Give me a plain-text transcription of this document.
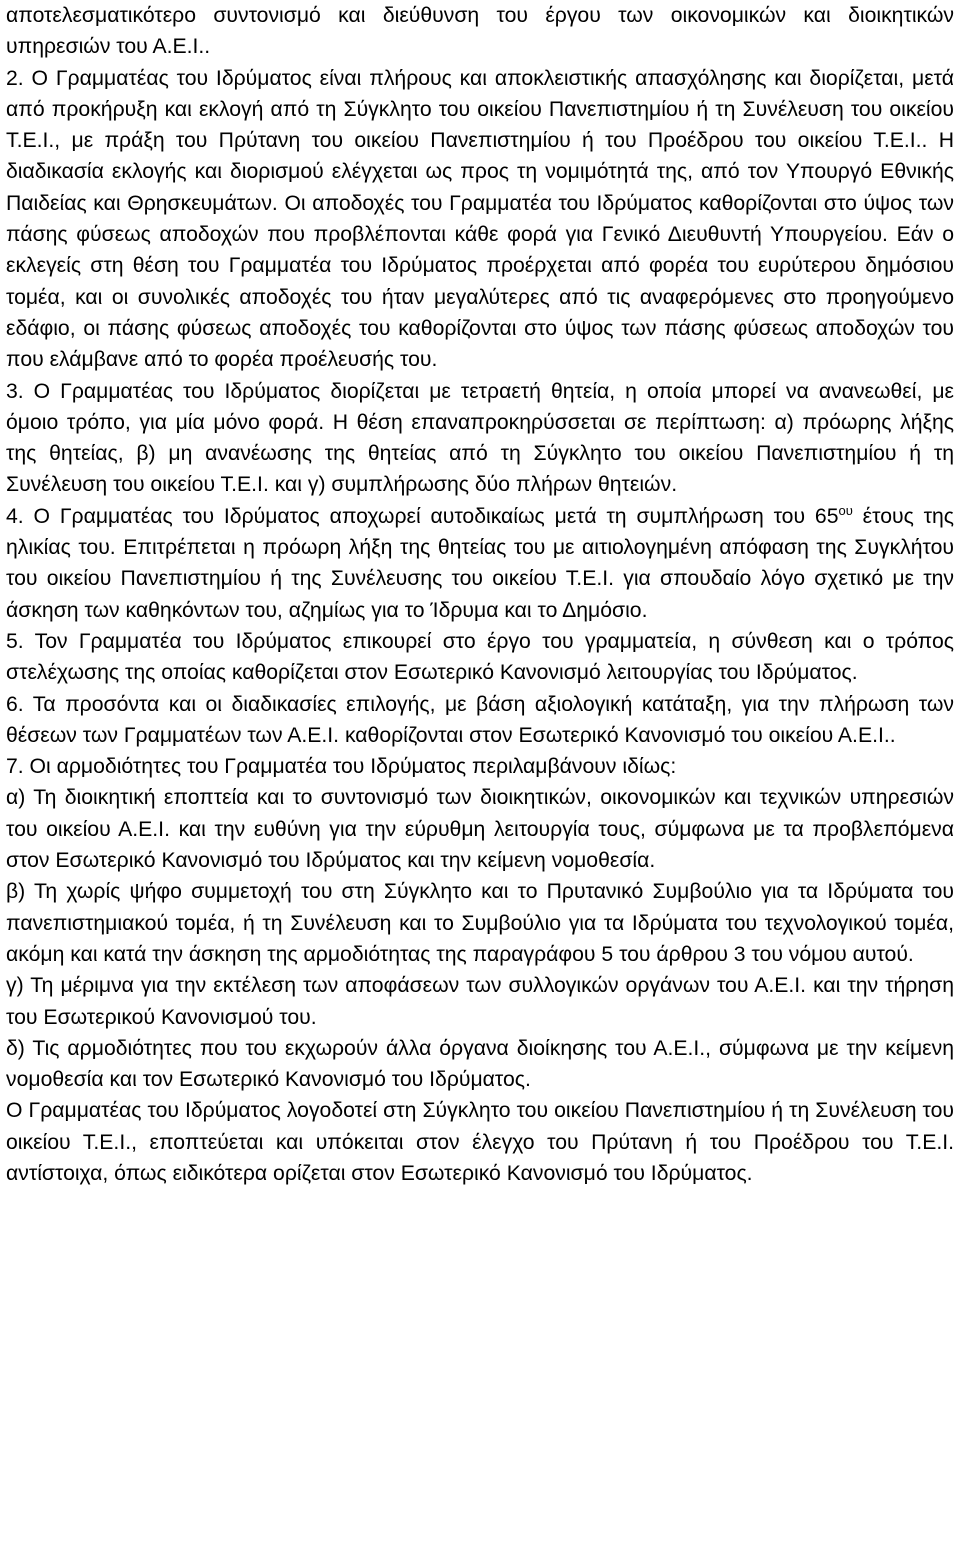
αποτελεσματικότερο συντονισμό και διεύθυνση του έργου των οικονομικών και διοικητικών υπηρεσιών του Α.Ε.Ι..

2. Ο Γραμματέας του Ιδρύματος είναι πλήρους και αποκλειστικής απασχόλησης και διορίζεται, μετά από προκήρυξη και εκλογή από τη Σύγκλητο του οικείου Πανεπιστημίου ή τη Συνέλευση του οικείου Τ.Ε.Ι., με πράξη του Πρύτανη του οικείου Πανεπιστημίου ή του Προέδρου του οικείου Τ.Ε.Ι.. Η διαδικασία εκλογής και διορισμού ελέγχεται ως προς τη νομιμότητά της, από τον Υπουργό Εθνικής Παιδείας και Θρησκευμάτων. Οι αποδοχές του Γραμματέα του Ιδρύματος καθορίζονται στο ύψος των πάσης φύσεως αποδοχών που προβλέπονται κάθε φορά για Γενικό Διευθυντή Υπουργείου. Εάν ο εκλεγείς στη θέση του Γραμματέα του Ιδρύματος προέρχεται από φορέα του ευρύτερου δημόσιου τομέα, και οι συνολικές αποδοχές του ήταν μεγαλύτερες από τις αναφερόμενες στο προηγούμενο εδάφιο, οι πάσης φύσεως αποδοχές του καθορίζονται στο ύψος των πάσης φύσεως αποδοχών του που ελάμβανε από το φορέα προέλευσής του.

3. Ο Γραμματέας του Ιδρύματος διορίζεται με τετραετή θητεία, η οποία μπορεί να ανανεωθεί, με όμοιο τρόπο, για μία μόνο φορά. Η θέση επαναπροκηρύσσεται σε περίπτωση: α) πρόωρης λήξης της θητείας, β) μη ανανέωσης της θητείας από τη Σύγκλητο του οικείου Πανεπιστημίου ή τη Συνέλευση του οικείου Τ.Ε.Ι. και γ) συμπλήρωσης δύο πλήρων θητειών.

4. Ο Γραμματέας του Ιδρύματος αποχωρεί αυτοδικαίως μετά τη συμπλήρωση του $65^{o\upsilon}$ έτους της ηλικίας του. Επιτρέπεται η πρόωρη λήξη της θητείας του με αιτιολογημένη απόφαση της Συγκλήτου του οικείου Πανεπιστημίου ή της Συνέλευσης του οικείου Τ.Ε.Ι. για σπουδαίο λόγο σχετικό με την άσκηση των καθηκόντων του, αζημίως για το Ίδρυμα και το Δημόσιο.

5. Τον Γραμματέα του Ιδρύματος επικουρεί στο έργο του γραμματεία, η σύνθεση και ο τρόπος στελέχωσης της οποίας καθορίζεται στον Εσωτερικό Κανονισμό λειτουργίας του Ιδρύματος.

6. Τα προσόντα και οι διαδικασίες επιλογής, με βάση αξιολογική κατάταξη, για την πλήρωση των θέσεων των Γραμματέων των Α.Ε.Ι. καθορίζονται στον Εσωτερικό Κανονισμό του οικείου Α.Ε.Ι..

7. Οι αρμοδιότητες του Γραμματέα του Ιδρύματος περιλαμβάνουν ιδίως:

α) Τη διοικητική εποπτεία και το συντονισμό των διοικητικών, οικονομικών και τεχνικών υπηρεσιών του οικείου Α.Ε.Ι. και την ευθύνη για την εύρυθμη λειτουργία τους, σύμφωνα με τα προβλεπόμενα στον Εσωτερικό Κανονισμό του Ιδρύματος και την κείμενη νομοθεσία.

β) Τη χωρίς ψήφο συμμετοχή του στη Σύγκλητο και το Πρυτανικό Συμβούλιο για τα Ιδρύματα του πανεπιστημιακού τομέα, ή τη Συνέλευση και το Συμβούλιο για τα Ιδρύματα του τεχνολογικού τομέα, ακόμη και κατά την άσκηση της αρμοδιότητας της παραγράφου 5 του άρθρου 3 του νόμου αυτού.

γ) Τη μέριμνα για την εκτέλεση των αποφάσεων των συλλογικών οργάνων του Α.Ε.Ι. και την τήρηση του Εσωτερικού Κανονισμού του.

δ) Τις αρμοδιότητες που του εκχωρούν άλλα όργανα διοίκησης του Α.Ε.Ι., σύμφωνα με την κείμενη νομοθεσία και τον Εσωτερικό Κανονισμό του Ιδρύματος.

Ο Γραμματέας του Ιδρύματος λογοδοτεί στη Σύγκλητο του οικείου Πανεπιστημίου ή τη Συνέλευση του οικείου Τ.Ε.Ι., εποπτεύεται και υπόκειται στον έλεγχο του Πρύτανη ή του Προέδρου του Τ.Ε.Ι. αντίστοιχα, όπως ειδικότερα ορίζεται στον Εσωτερικό Κανονισμό του Ιδρύματος.
